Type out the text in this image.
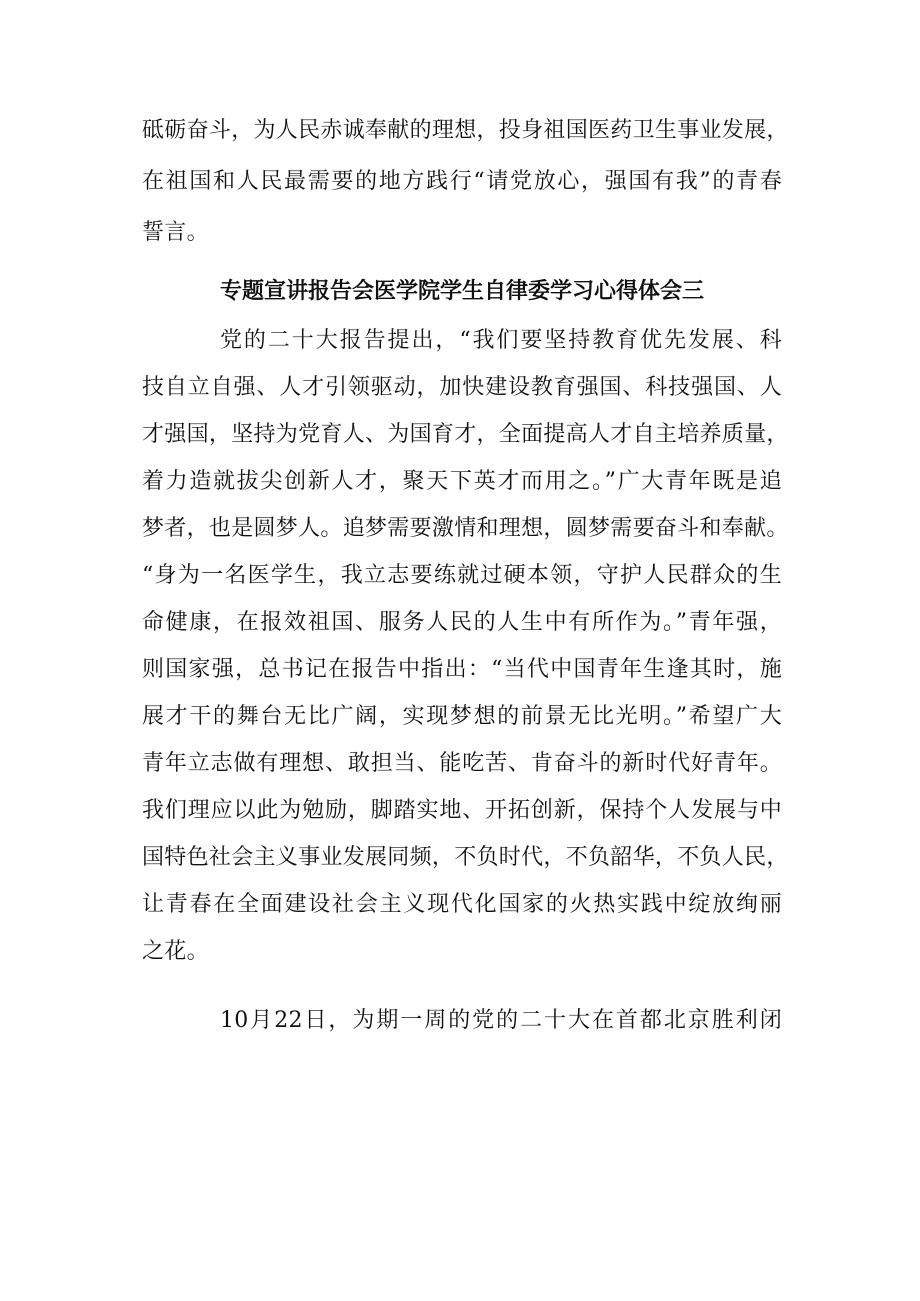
砥砺奋斗，为人民赤诚奉献的理想，投身祖国医药卫生事业发展，
在祖国和人民最需要的地方践行“请党放心，强国有我”的青春
誓言。
专题宣讲报告会医学院学生自律委学习心得体会三
党的二十大报告提出，“我们要坚持教育优先发展、科
技自立自强、人才引领驱动，加快建设教育强国、科技强国、人
才强国，坚持为党育人、为国育才，全面提高人才自主培养质量，
着力造就拔尖创新人才，聚天下英才而用之。”广大青年既是追
梦者，也是圆梦人。追梦需要激情和理想，圆梦需要奋斗和奉献。
“身为一名医学生，我立志要练就过硬本领，守护人民群众的生
命健康，在报效祖国、服务人民的人生中有所作为。”青年强，
则国家强，总书记在报告中指出：“当代中国青年生逢其时，施
展才干的舞台无比广阔，实现梦想的前景无比光明。”希望广大
青年立志做有理想、敢担当、能吃苦、肯奋斗的新时代好青年。
我们理应以此为勉励，脚踏实地、开拓创新，保持个人发展与中
国特色社会主义事业发展同频，不负时代，不负韶华，不负人民，
让青春在全面建设社会主义现代化国家的火热实践中绽放绚丽
之花。
10月22日，为期一周的党的二十大在首都北京胜利闭
